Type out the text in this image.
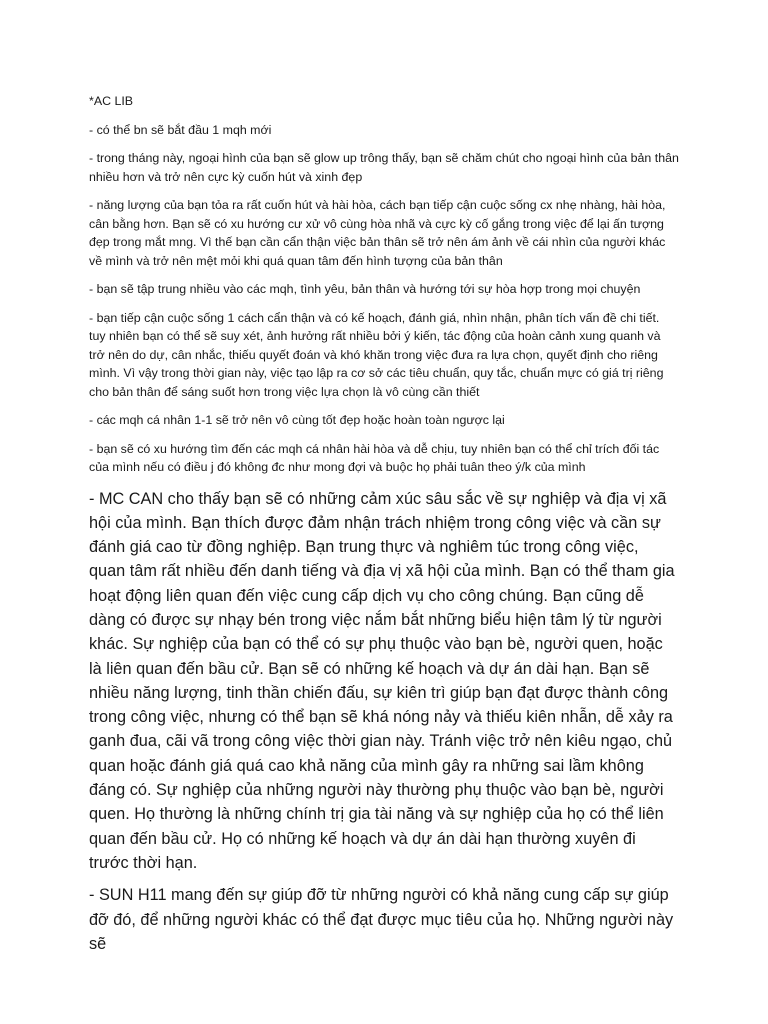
*AC LIB

- có thể bn sẽ bắt đầu 1 mqh mới

- trong tháng này, ngoại hình của bạn sẽ glow up trông thấy, bạn sẽ chăm chút cho ngoại hình của bản thân nhiều hơn và trở nên cực kỳ cuốn hút và xinh đẹp

- năng lượng của bạn tỏa ra rất cuốn hút và hài hòa, cách bạn tiếp cận cuộc sống cx nhẹ nhàng, hài hòa, cân bằng hơn. Bạn sẽ có xu hướng cư xử vô cùng hòa nhã và cực kỳ cố gắng trong việc để lại ấn tượng đẹp trong mắt mng. Vì thế bạn cần cẩn thận việc bản thân sẽ trở nên ám ảnh về cái nhìn của người khác về mình và trở nên mệt mỏi khi quá quan tâm đến hình tượng của bản thân

- bạn sẽ tập trung nhiều vào các mqh, tình yêu, bản thân và hướng tới sự hòa hợp trong mọi chuyện

- bạn tiếp cận cuộc sống 1 cách cẩn thận và có kế hoạch, đánh giá, nhìn nhận, phân tích vấn đề chi tiết. tuy nhiên bạn có thể sẽ suy xét, ảnh hưởng rất nhiều bởi ý kiến, tác động của hoàn cảnh xung quanh và trở nên do dự, cân nhắc, thiếu quyết đoán và khó khăn trong việc đưa ra lựa chọn, quyết định cho riêng mình. Vì vậy trong thời gian này, việc tạo lập ra cơ sở các tiêu chuẩn, quy tắc, chuẩn mực có giá trị riêng cho bản thân để sáng suốt hơn trong việc lựa chọn là vô cùng cần thiết

- các mqh cá nhân 1-1 sẽ trở nên vô cùng tốt đẹp hoặc hoàn toàn ngược lại

- bạn sẽ có xu hướng tìm đến các mqh cá nhân hài hòa và dễ chịu, tuy nhiên bạn có thể chỉ trích đối tác của mình nếu có điều j đó không đc như mong đợi và buộc họ phải tuân theo ý/k của mình

- MC CAN cho thấy bạn sẽ có những cảm xúc sâu sắc về sự nghiệp và địa vị xã hội của mình. Bạn thích được đảm nhận trách nhiệm trong công việc và cần sự đánh giá cao từ đồng nghiệp. Bạn trung thực và nghiêm túc trong công việc, quan tâm rất nhiều đến danh tiếng và địa vị xã hội của mình. Bạn có thể tham gia hoạt động liên quan đến việc cung cấp dịch vụ cho công chúng. Bạn cũng dễ dàng có được sự nhạy bén trong việc nắm bắt những biểu hiện tâm lý từ người khác. Sự nghiệp của bạn có thể có sự phụ thuộc vào bạn bè, người quen, hoặc là liên quan đến bầu cử. Bạn sẽ có những kế hoạch và dự án dài hạn. Bạn sẽ nhiều năng lượng, tinh thần chiến đấu, sự kiên trì giúp bạn đạt được thành công trong công việc, nhưng có thể bạn sẽ khá nóng nảy và thiếu kiên nhẫn, dễ xảy ra ganh đua, cãi vã trong công việc thời gian này. Tránh việc trở nên kiêu ngạo, chủ quan hoặc đánh giá quá cao khả năng của mình gây ra những sai lầm không đáng có. Sự nghiệp của những người này thường phụ thuộc vào bạn bè, người quen. Họ thường là những chính trị gia tài năng và sự nghiệp của họ có thể liên quan đến bầu cử. Họ có những kế hoạch và dự án dài hạn thường xuyên đi trước thời hạn.

- SUN H11 mang đến sự giúp đỡ từ những người có khả năng cung cấp sự giúp đỡ đó, để những người khác có thể đạt được mục tiêu của họ. Những người này sẽ
